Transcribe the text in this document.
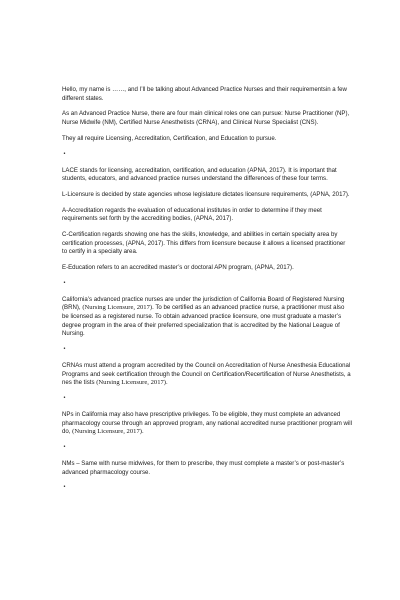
Hello, my name is ……, and I’ll be talking about Advanced Practice Nurses and their requirementsin a few different states.

As an Advanced Practice Nurse, there are four main clinical roles one can pursue: Nurse Practitioner (NP), Nurse Midwife (NM), Certified Nurse Anesthetists (CRNA), and Clinical Nurse Specialist (CNS).

They all require Licensing, Accreditation, Certification, and Education to pursue.

•

LACE stands for licensing, accreditation, certification, and education (APNA, 2017). It is important that students, educators, and advanced practice nurses understand the differences of these four terms.

L-Licensure is decided by state agencies whose legislature dictates licensure requirements, (APNA, 2017).

A-Accreditation regards the evaluation of educational institutes in order to determine if they meet requirements set forth by the accrediting bodies, (APNA, 2017).

C-Certification regards showing one has the skills, knowledge, and abilities in certain specialty area by certification processes, (APNA, 2017). This differs from licensure because it allows a licensed practitioner to certify in a specialty area.

E-Education refers to an accredited master’s or doctoral APN program, (APNA, 2017).

•

California’s advanced practice nurses are under the jurisdiction of California Board of Registered Nursing (BRN), (Nursing Licensure, 2017). To be certified as an advanced practice nurse, a practitioner must also be licensed as a registered nurse. To obtain advanced practice licensure, one must graduate a master’s degree program in the area of their preferred specialization that is accredited by the National League of Nursing.

•

CRNAs must attend a program accredited by the Council on Accreditation of Nurse Anesthesia Educational Programs and seek certification through the Council on Certification/Recertification of Nurse Anesthetists, a nes the tists (Nursing Licensure, 2017).

•

NPs in California may also have prescriptive privileges. To be eligible, they must complete an advanced pharmacology course through an approved program, any national accredited nurse practitioner program will do, (Nursing Licensure, 2017).

•

NMs – Same with nurse midwives, for them to prescribe, they must complete a master’s or post-master’s advanced pharmacology course.

•
